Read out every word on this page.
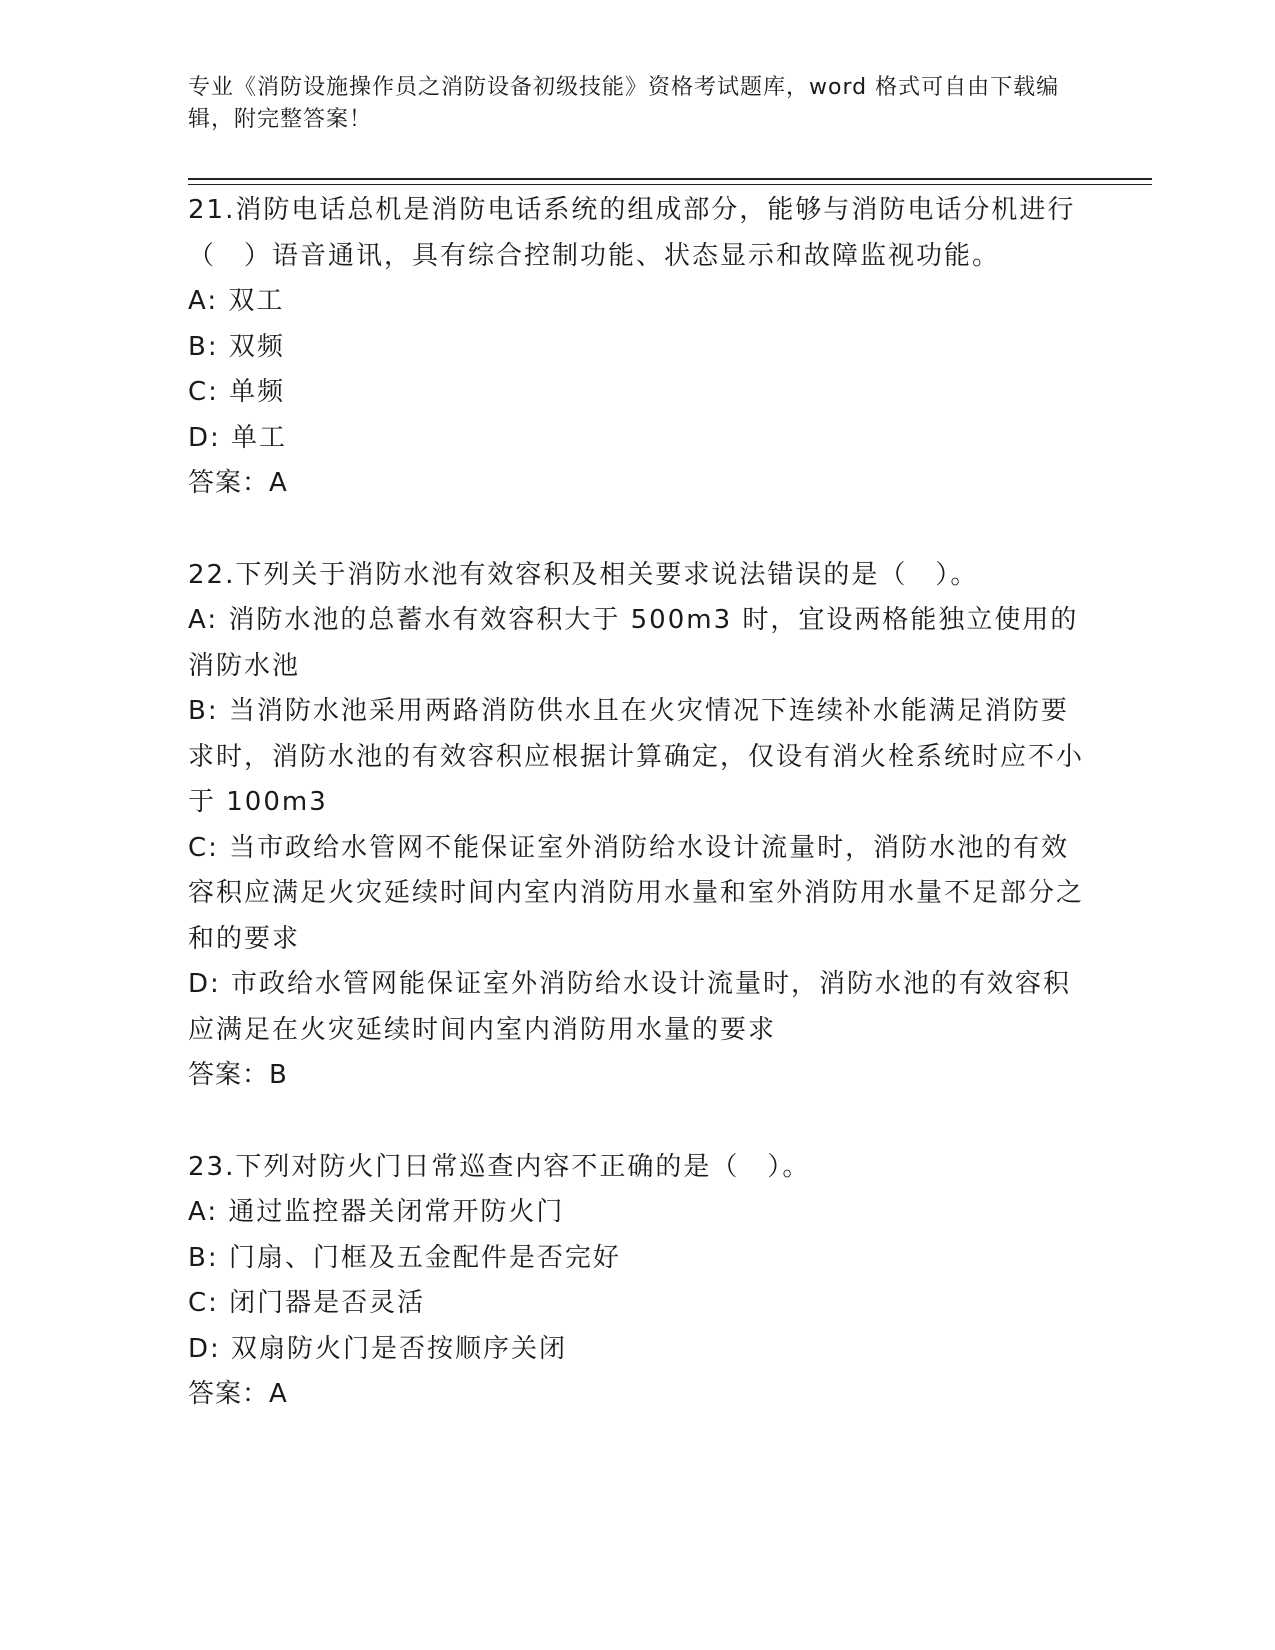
专业《消防设施操作员之消防设备初级技能》资格考试题库，word 格式可自由下载编辑，附完整答案！

21.消防电话总机是消防电话系统的组成部分，能够与消防电话分机进行（　）语音通讯，具有综合控制功能、状态显示和故障监视功能。

A: 双工

B: 双频

C: 单频

D: 单工

答案：A

22.下列关于消防水池有效容积及相关要求说法错误的是（　）。

A: 消防水池的总蓄水有效容积大于 500m3 时，宜设两格能独立使用的消防水池

B: 当消防水池采用两路消防供水且在火灾情况下连续补水能满足消防要求时，消防水池的有效容积应根据计算确定，仅设有消火栓系统时应不小于 100m3

C: 当市政给水管网不能保证室外消防给水设计流量时，消防水池的有效容积应满足火灾延续时间内室内消防用水量和室外消防用水量不足部分之和的要求

D: 市政给水管网能保证室外消防给水设计流量时，消防水池的有效容积应满足在火灾延续时间内室内消防用水量的要求

答案：B

23.下列对防火门日常巡查内容不正确的是（　）。

A: 通过监控器关闭常开防火门

B: 门扇、门框及五金配件是否完好

C: 闭门器是否灵活

D: 双扇防火门是否按顺序关闭

答案：A
